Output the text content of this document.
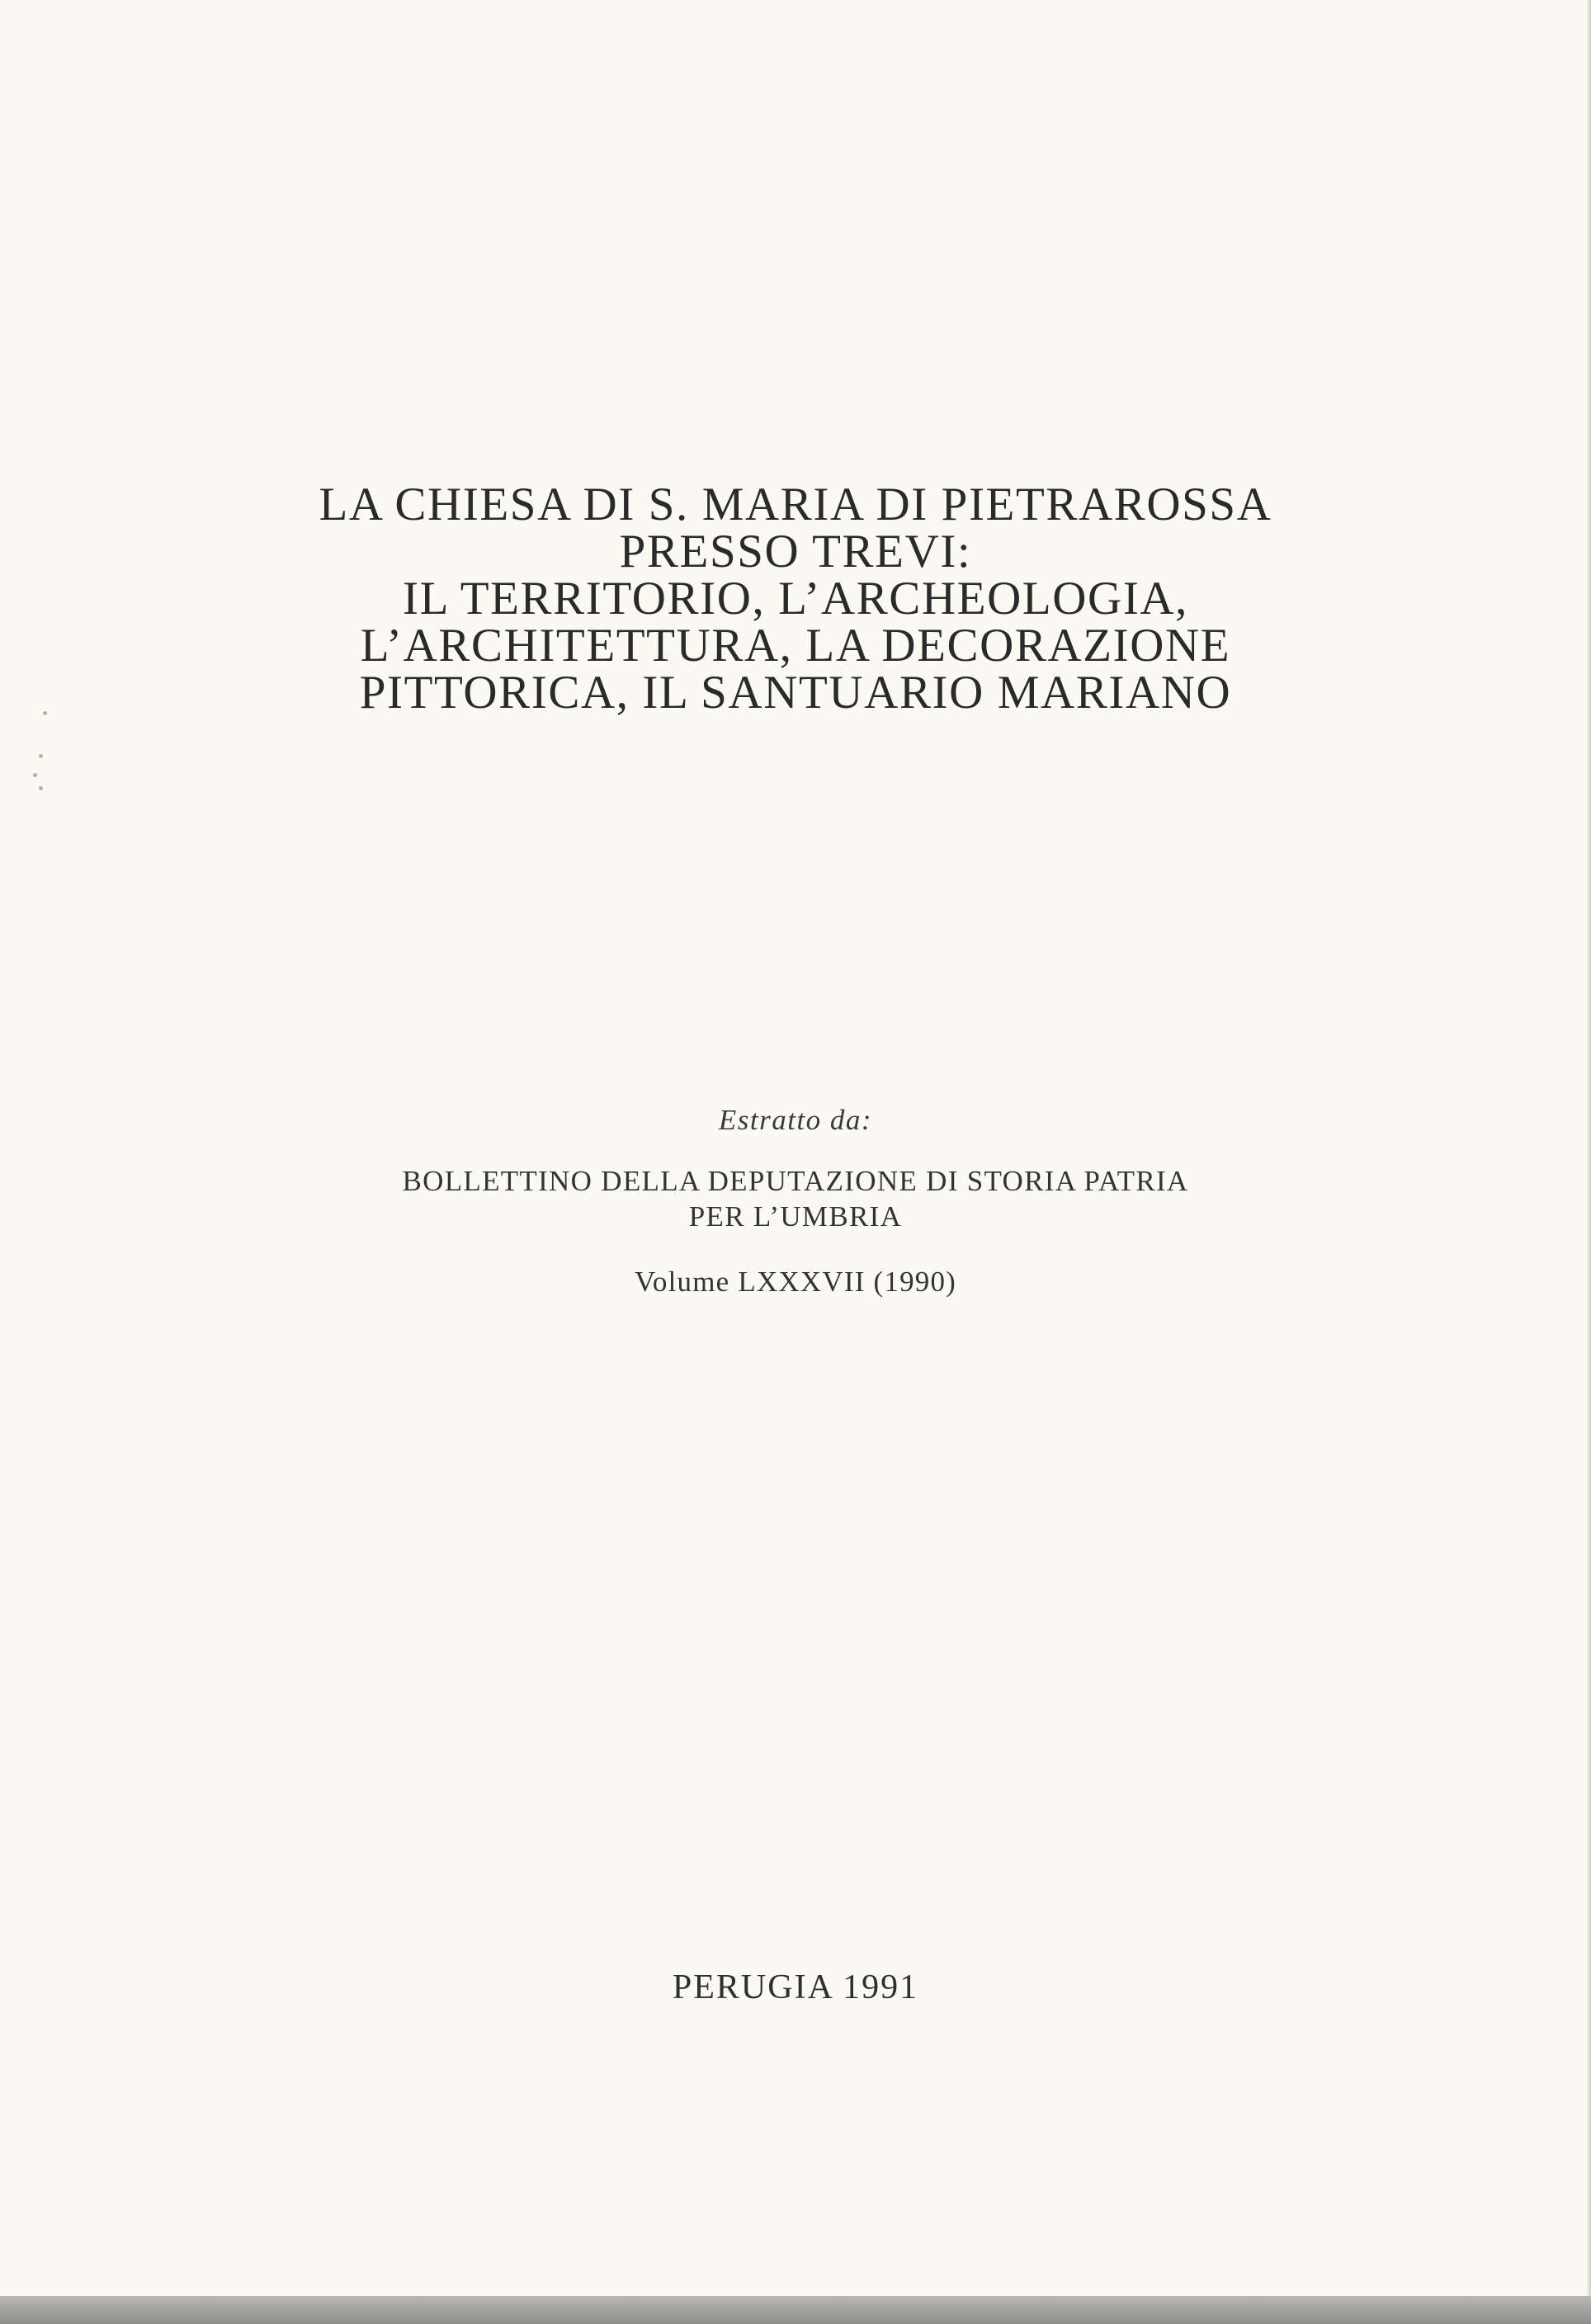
LA CHIESA DI S. MARIA DI PIETRAROSSA
PRESSO TREVI:
IL TERRITORIO, L’ARCHEOLOGIA,
L’ARCHITETTURA, LA DECORAZIONE
PITTORICA, IL SANTUARIO MARIANO
Estratto da:
BOLLETTINO DELLA DEPUTAZIONE DI STORIA PATRIA
PER L’UMBRIA
Volume LXXXVII (1990)
PERUGIA 1991
